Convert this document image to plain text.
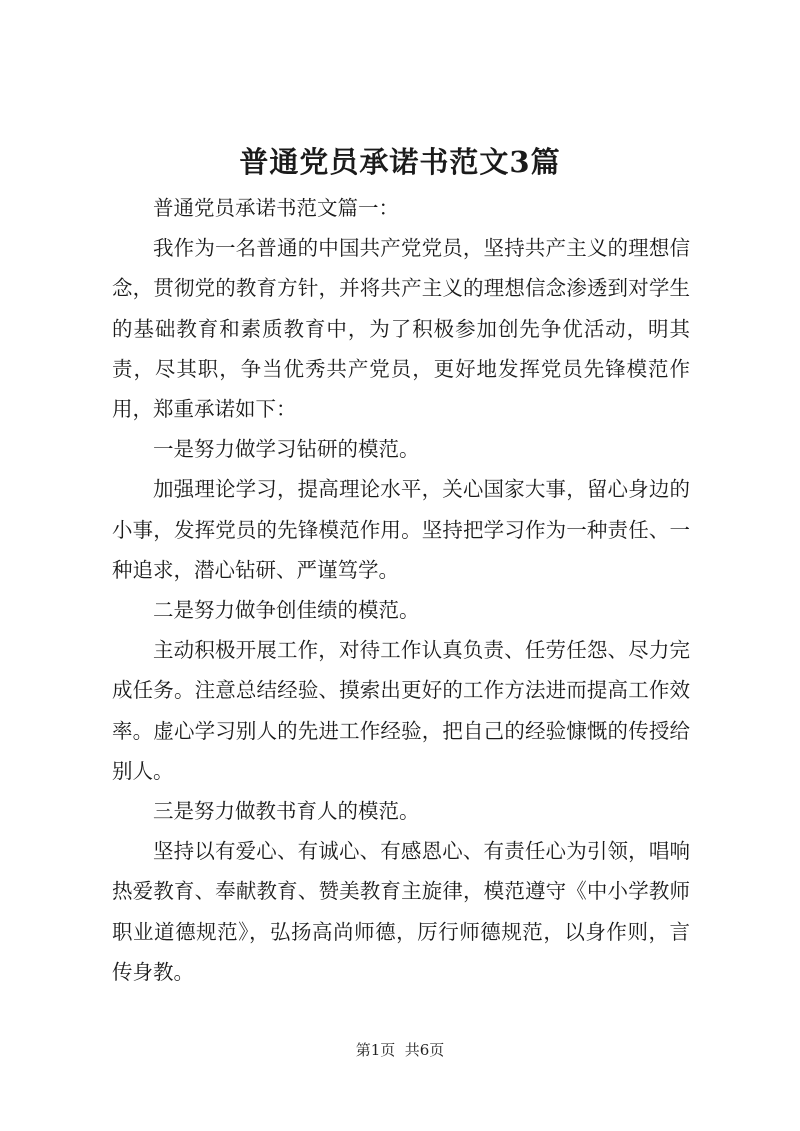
普通党员承诺书范文3篇

普通党员承诺书范文篇一：

我作为一名普通的中国共产党党员，坚持共产主义的理想信念，贯彻党的教育方针，并将共产主义的理想信念渗透到对学生的基础教育和素质教育中，为了积极参加创先争优活动，明其责，尽其职，争当优秀共产党员，更好地发挥党员先锋模范作用，郑重承诺如下：

一是努力做学习钻研的模范。

加强理论学习，提高理论水平，关心国家大事，留心身边的小事，发挥党员的先锋模范作用。坚持把学习作为一种责任、一种追求，潜心钻研、严谨笃学。

二是努力做争创佳绩的模范。

主动积极开展工作，对待工作认真负责、任劳任怨、尽力完成任务。注意总结经验、摸索出更好的工作方法进而提高工作效率。虚心学习别人的先进工作经验，把自己的经验慷慨的传授给别人。

三是努力做教书育人的模范。

坚持以有爱心、有诚心、有感恩心、有责任心为引领，唱响热爱教育、奉献教育、赞美教育主旋律，模范遵守《中小学教师职业道德规范》，弘扬高尚师德，厉行师德规范，以身作则，言传身教。

第1页  共6页
